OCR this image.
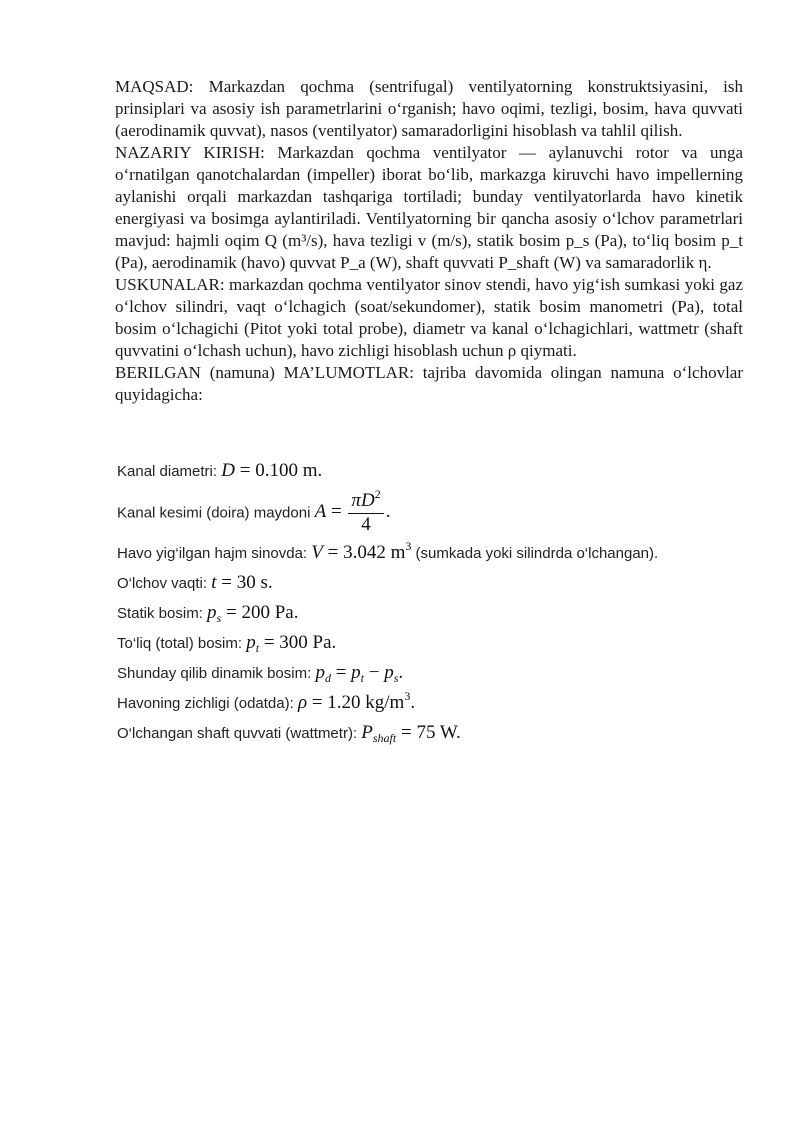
MAQSAD: Markazdan qochma (sentrifugal) ventilyatorning konstruktsiyasini, ish prinsiplari va asosiy ish parametrlarini o‘rganish; havo oqimi, tezligi, bosim, hava quvvati (aerodinamik quvvat), nasos (ventilyator) samaradorligini hisoblash va tahlil qilish.

NAZARIY KIRISH: Markazdan qochma ventilyator — aylanuvchi rotor va unga o‘rnatilgan qanotchalardan (impeller) iborat bo‘lib, markazga kiruvchi havo impellerning aylanishi orqali markazdan tashqariga tortiladi; bunday ventilyatorlarda havo kinetik energiyasi va bosimga aylantiriladi. Ventilyatorning bir qancha asosiy o‘lchov parametrlari mavjud: hajmli oqim Q (m³/s), hava tezligi v (m/s), statik bosim p_s (Pa), to‘liq bosim p_t (Pa), aerodinamik (havo) quvvat P_a (W), shaft quvvati P_shaft (W) va samaradorlik η.

USKUNALAR: markazdan qochma ventilyator sinov stendi, havo yig‘ish sumkasi yoki gaz o‘lchov silindri, vaqt o‘lchagich (soat/sekundomer), statik bosim manometri (Pa), total bosim o‘lchagichi (Pitot yoki total probe), diametr va kanal o‘lchagichlari, wattmetr (shaft quvvatini o‘lchash uchun), havo zichligi hisoblash uchun ρ qiymati.

BERILGAN (namuna) MA’LUMOTLAR: tajriba davomida olingan namuna o‘lchovlar quyidagicha:

Kanal diametri: D = 0.100 m.
Kanal kesimi (doira) maydoni $A = \frac{\pi D^2}{4}$ .
Havo yig‘ilgan hajm sinovda: V = 3.042 $m^3$ (sumkada yoki silindrda o‘lchangan).
O‘lchov vaqti: t = 30 s.
Statik bosim: $p_s = 200$ Pa.
To‘liq (total) bosim: $p_t = 300$ Pa.
Shunday qilib dinamik bosim: $p_d = p_t - p_s$.
Havoning zichligi (odatda): ρ = 1.20 $kg/m^3$.
O‘lchangan shaft quvvati (wattmetr): $P_{shaft} = 75$ W.
